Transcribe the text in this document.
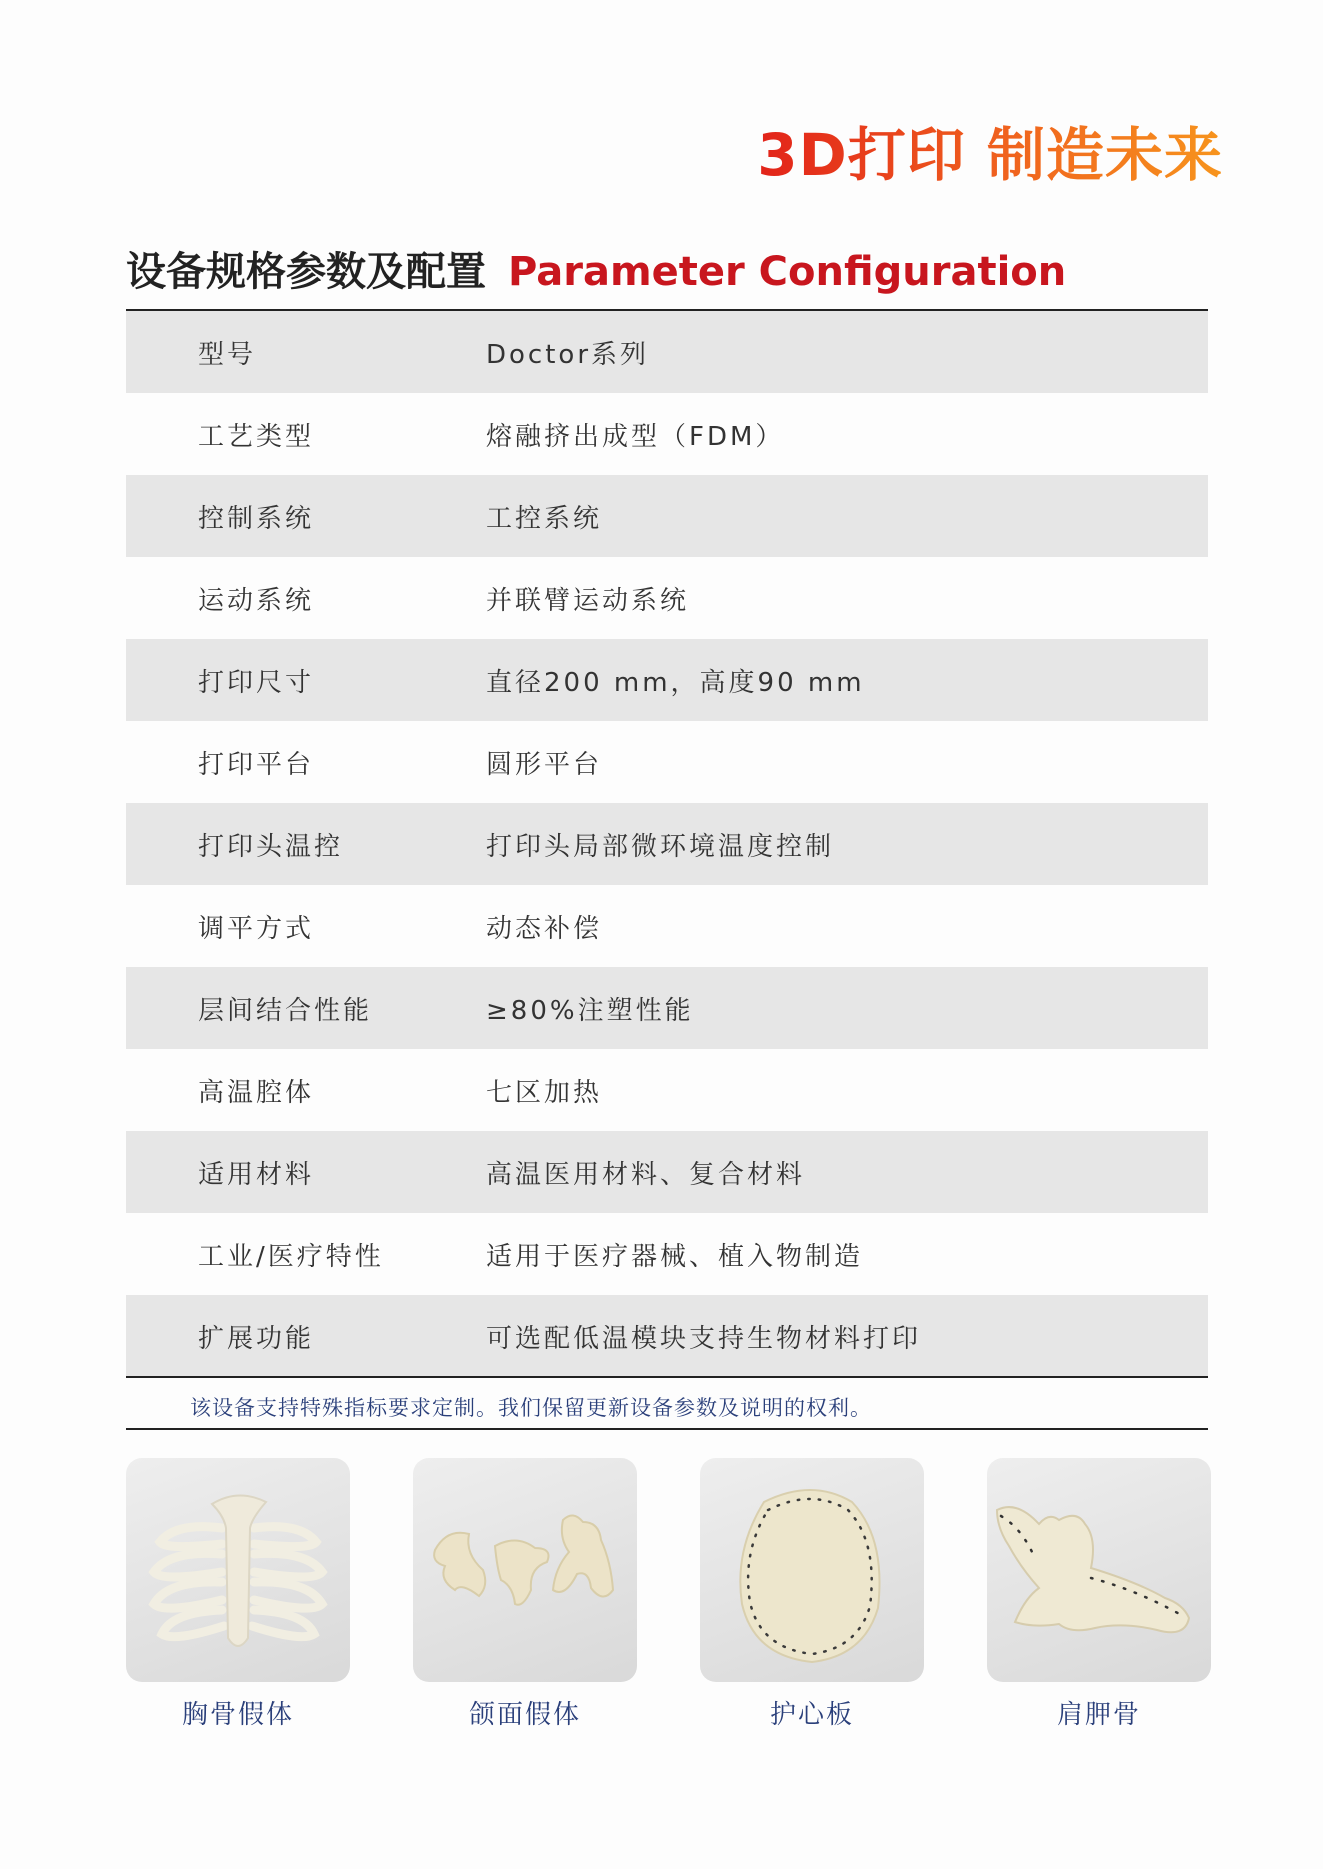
3D打印 制造未来
设备规格参数及配置 Parameter Configuration
型号	Doctor系列
工艺类型	熔融挤出成型（FDM）
控制系统	工控系统
运动系统	并联臂运动系统
打印尺寸	直径200 mm，高度90 mm
打印平台	圆形平台
打印头温控	打印头局部微环境温度控制
调平方式	动态补偿
层间结合性能	≥80%注塑性能
高温腔体	七区加热
适用材料	高温医用材料、复合材料
工业/医疗特性	适用于医疗器械、植入物制造
扩展功能	可选配低温模块支持生物材料打印
该设备支持特殊指标要求定制。我们保留更新设备参数及说明的权利。
胸骨假体	颌面假体	护心板	肩胛骨
